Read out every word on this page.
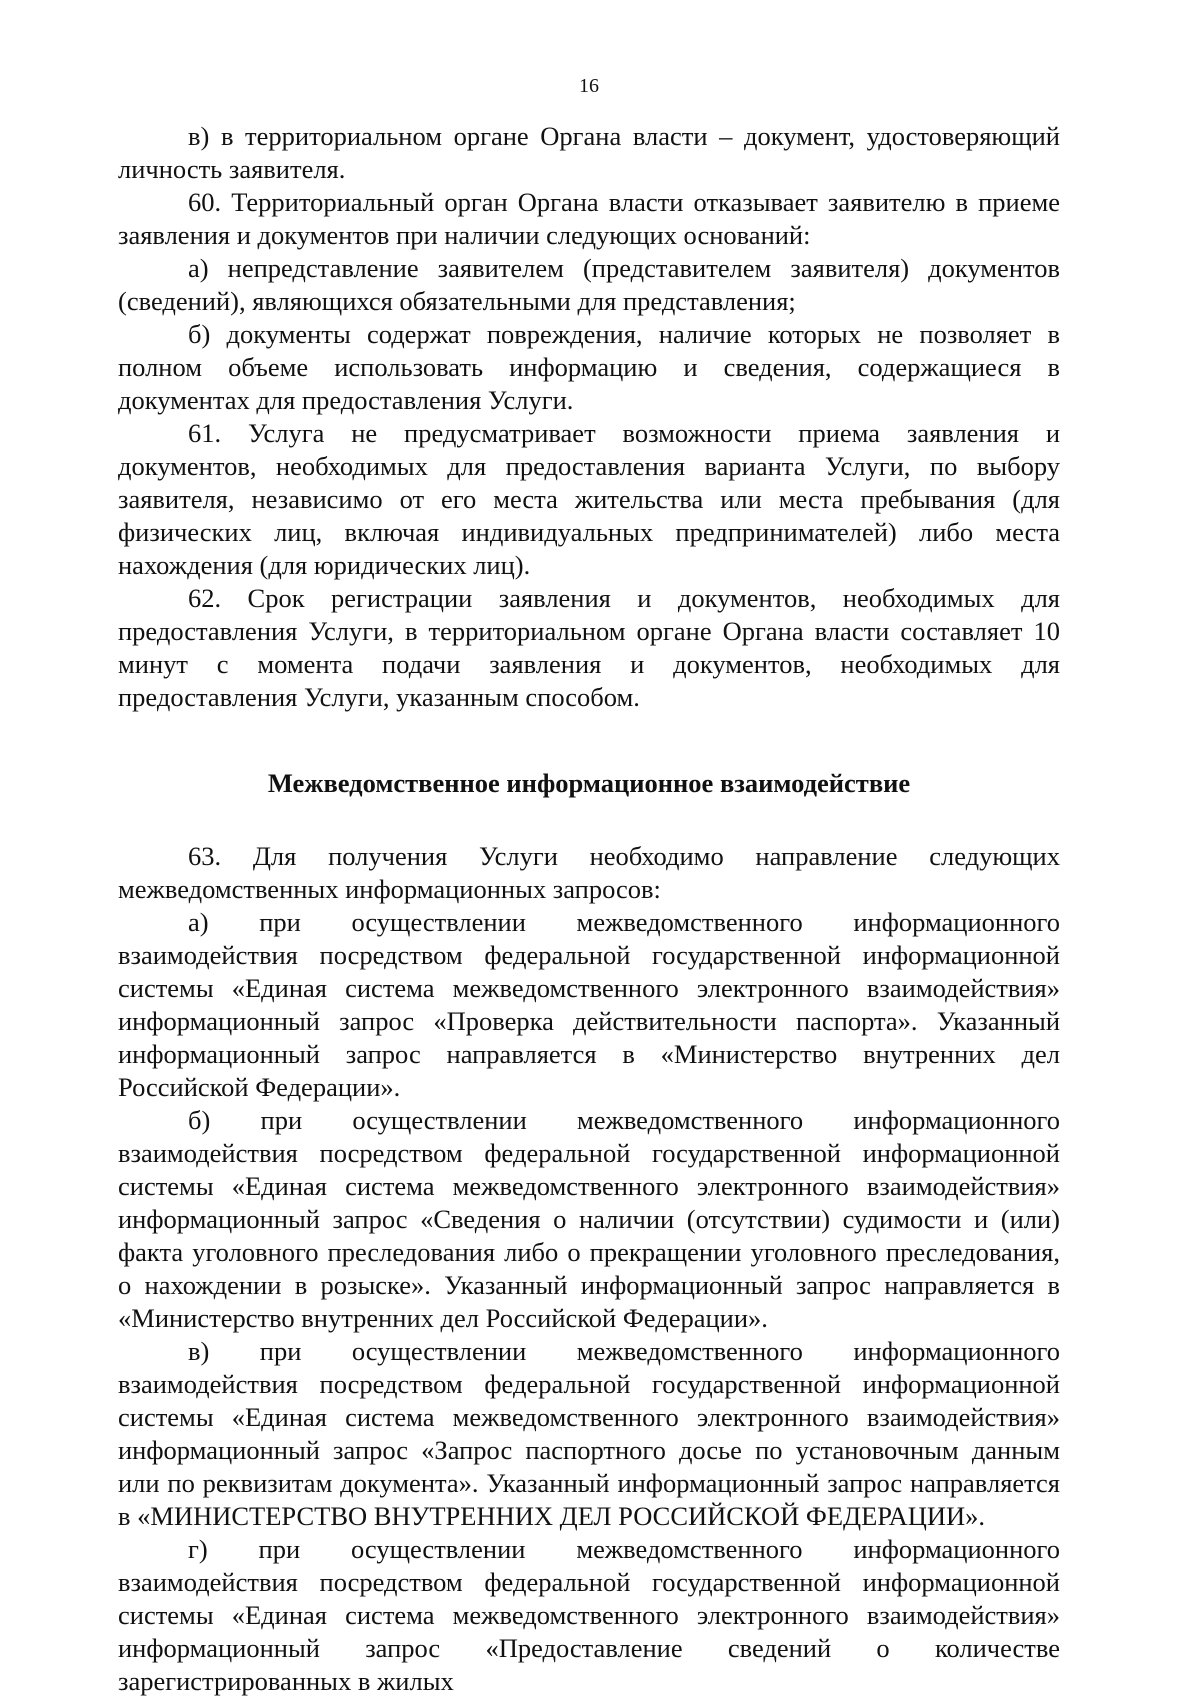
16

в) в территориальном органе Органа власти – документ, удостоверяющий личность заявителя.

60. Территориальный орган Органа власти отказывает заявителю в приеме заявления и документов при наличии следующих оснований:

а) непредставление заявителем (представителем заявителя) документов (сведений), являющихся обязательными для представления;

б) документы содержат повреждения, наличие которых не позволяет в полном объеме использовать информацию и сведения, содержащиеся в документах для предоставления Услуги.

61. Услуга не предусматривает возможности приема заявления и документов, необходимых для предоставления варианта Услуги, по выбору заявителя, независимо от его места жительства или места пребывания (для физических лиц, включая индивидуальных предпринимателей) либо места нахождения (для юридических лиц).

62. Срок регистрации заявления и документов, необходимых для предоставления Услуги, в территориальном органе Органа власти составляет 10 минут с момента подачи заявления и документов, необходимых для предоставления Услуги, указанным способом.

Межведомственное информационное взаимодействие

63. Для получения Услуги необходимо направление следующих межведомственных информационных запросов:

а) при осуществлении межведомственного информационного взаимодействия посредством федеральной государственной информационной системы «Единая система межведомственного электронного взаимодействия» информационный запрос «Проверка действительности паспорта». Указанный информационный запрос направляется в «Министерство внутренних дел Российской Федерации».

б) при осуществлении межведомственного информационного взаимодействия посредством федеральной государственной информационной системы «Единая система межведомственного электронного взаимодействия» информационный запрос «Сведения о наличии (отсутствии) судимости и (или) факта уголовного преследования либо о прекращении уголовного преследования, о нахождении в розыске». Указанный информационный запрос направляется в «Министерство внутренних дел Российской Федерации».

в) при осуществлении межведомственного информационного взаимодействия посредством федеральной государственной информационной системы «Единая система межведомственного электронного взаимодействия» информационный запрос «Запрос паспортного досье по установочным данным или по реквизитам документа». Указанный информационный запрос направляется в «МИНИСТЕРСТВО ВНУТРЕННИХ ДЕЛ РОССИЙСКОЙ ФЕДЕРАЦИИ».

г) при осуществлении межведомственного информационного взаимодействия посредством федеральной государственной информационной системы «Единая система межведомственного электронного взаимодействия» информационный запрос «Предоставление сведений о количестве зарегистрированных в жилых
